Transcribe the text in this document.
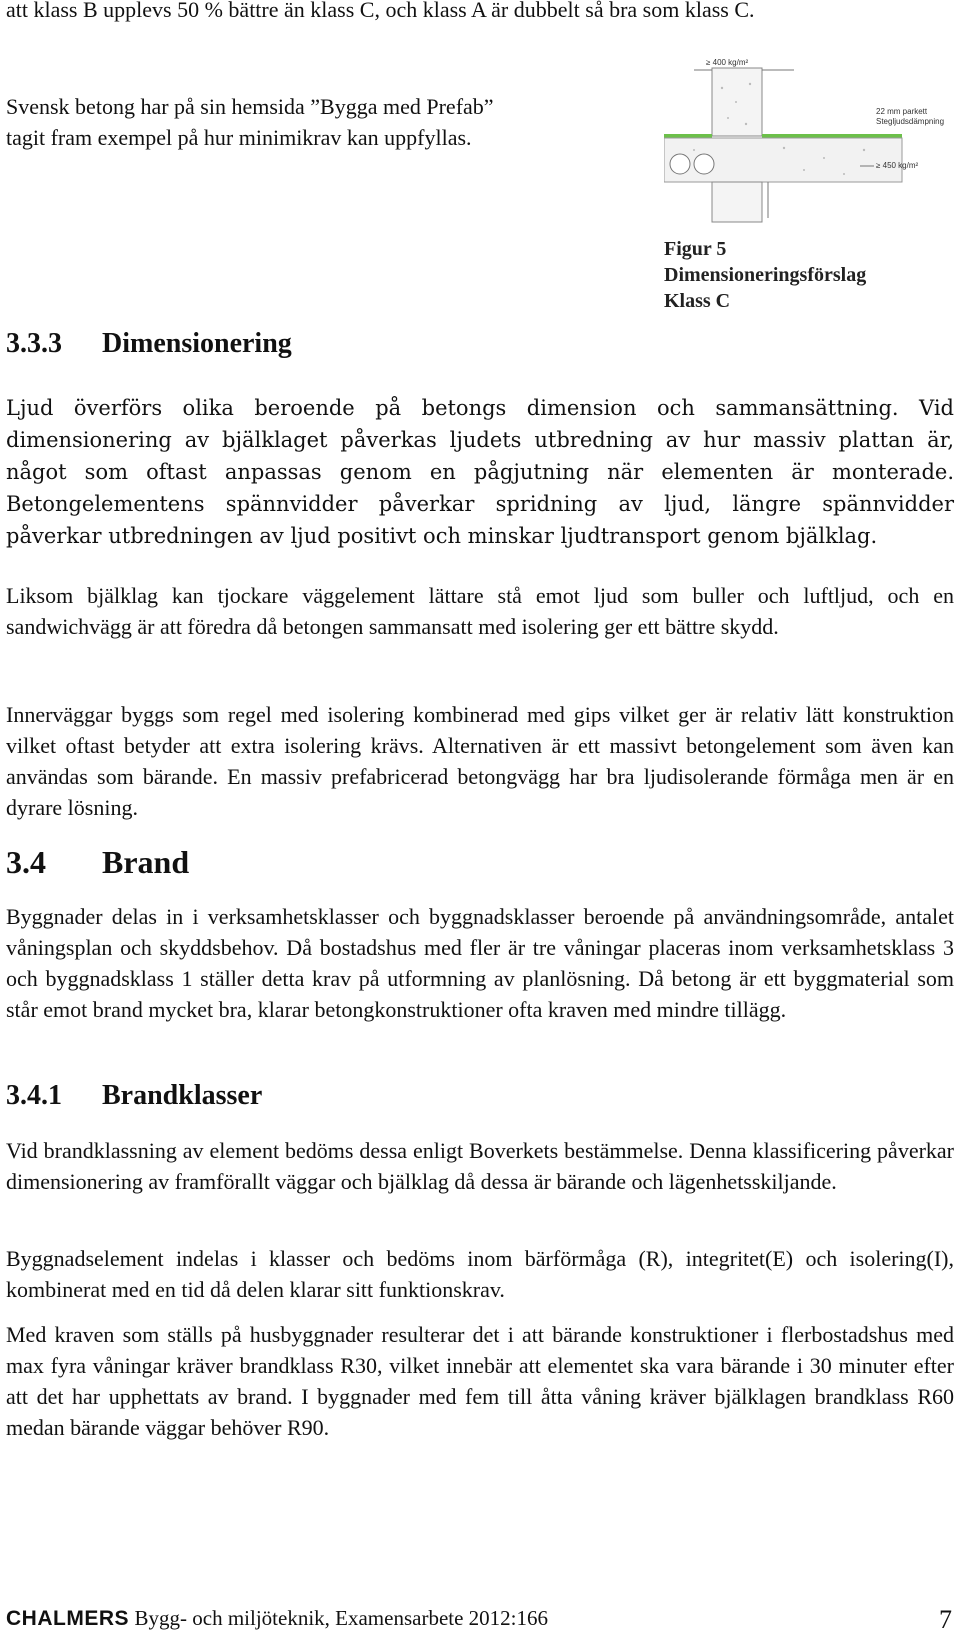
att klass B upplevs 50 % bättre än klass C, och klass A är dubbelt så bra som klass C.
Svensk betong har på sin hemsida ”Bygga med Prefab”
tagit fram exempel på hur minimikrav kan uppfyllas.
≥ 400 kg/m²
22 mm parkett
Stegljudsdämpning
≥ 450 kg/m²
Figur 5
Dimensioneringsförslag
Klass C
3.3.3 Dimensionering
Ljud överförs olika beroende på betongs dimension och sammansättning. Vid dimensionering av bjälklaget påverkas ljudets utbredning av hur massiv plattan är, något som oftast anpassas genom en pågjutning när elementen är monterade. Betongelementens spännvidder påverkar spridning av ljud, längre spännvidder påverkar utbredningen av ljud positivt och minskar ljudtransport genom bjälklag.
Liksom bjälklag kan tjockare väggelement lättare stå emot ljud som buller och luftljud, och en sandwichvägg är att föredra då betongen sammansatt med isolering ger ett bättre skydd.
Innerväggar byggs som regel med isolering kombinerad med gips vilket ger är relativ lätt konstruktion vilket oftast betyder att extra isolering krävs. Alternativen är ett massivt betongelement som även kan användas som bärande. En massiv prefabricerad betongvägg har bra ljudisolerande förmåga men är en dyrare lösning.
3.4 Brand
Byggnader delas in i verksamhetsklasser och byggnadsklasser beroende på användningsområde, antalet våningsplan och skyddsbehov. Då bostadshus med fler är tre våningar placeras inom verksamhetsklass 3 och byggnadsklass 1 ställer detta krav på utformning av planlösning. Då betong är ett byggmaterial som står emot brand mycket bra, klarar betongkonstruktioner ofta kraven med mindre tillägg.
3.4.1 Brandklasser
Vid brandklassning av element bedöms dessa enligt Boverkets bestämmelse. Denna klassificering påverkar dimensionering av framförallt väggar och bjälklag då dessa är bärande och lägenhetsskiljande.
Byggnadselement indelas i klasser och bedöms inom bärförmåga (R), integritet(E) och isolering(I), kombinerat med en tid då delen klarar sitt funktionskrav.
Med kraven som ställs på husbyggnader resulterar det i att bärande konstruktioner i flerbostadshus med max fyra våningar kräver brandklass R30, vilket innebär att elementet ska vara bärande i 30 minuter efter att det har upphettats av brand. I byggnader med fem till åtta våning kräver bjälklagen brandklass R60 medan bärande väggar behöver R90.
CHALMERS Bygg- och miljöteknik, Examensarbete 2012:166	7
